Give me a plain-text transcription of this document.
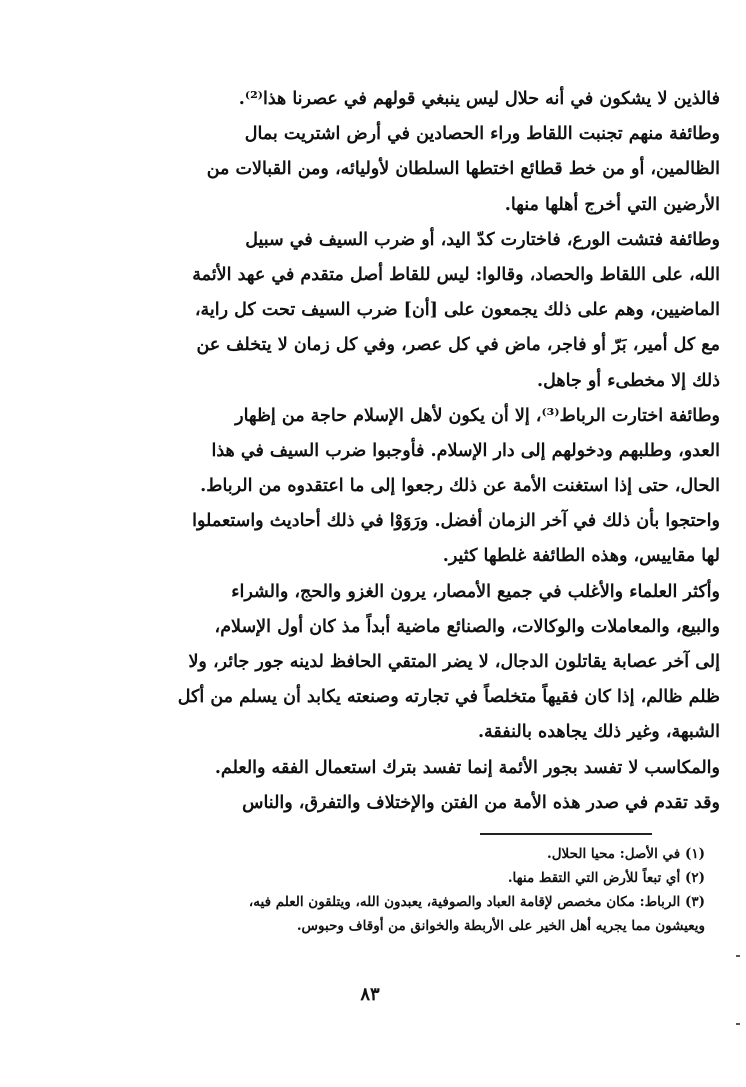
فالذين لا يشكون في أنه حلال ليس ينبغي قولهم في عصرنا هذا⁽²⁾.
وطائفة منهم تجنبت اللقاط وراء الحصادين في أرض اشتريت بمال
الظالمين، أو من خط قطائع اختطها السلطان لأوليائه، ومن القبالات من
الأرضين التي أخرج أهلها منها.
وطائفة فتشت الورع، فاختارت كدّ اليد، أو ضرب السيف في سبيل
الله، على اللقاط والحصاد، وقالوا: ليس للقاط أصل متقدم في عهد الأئمة
الماضيين، وهم على ذلك يجمعون على [أن] ضرب السيف تحت كل راية،
مع كل أمير، بَرّ أو فاجر، ماض في كل عصر، وفي كل زمان لا يتخلف عن
ذلك إلا مخطىء أو جاهل.
وطائفة اختارت الرباط⁽³⁾، إلا أن يكون لأهل الإسلام حاجة من إظهار
العدو، وطلبهم ودخولهم إلى دار الإسلام. فأوجبوا ضرب السيف في هذا
الحال، حتى إذا استغنت الأمة عن ذلك رجعوا إلى ما اعتقدوه من الرباط.
واحتجوا بأن ذلك في آخر الزمان أفضل. ورَوَوْا في ذلك أحاديث واستعملوا
لها مقاييس، وهذه الطائفة غلطها كثير.
وأكثر العلماء والأغلب في جميع الأمصار، يرون الغزو والحج، والشراء
والبيع، والمعاملات والوكالات، والصنائع ماضية أبداً مذ كان أول الإسلام،
إلى آخر عصابة يقاتلون الدجال، لا يضر المتقي الحافظ لدينه جور جائر، ولا
ظلم ظالم، إذا كان فقيهاً متخلصاً في تجارته وصنعته يكابد أن يسلم من أكل
الشبهة، وغير ذلك يجاهده بالنفقة.
والمكاسب لا تفسد بجور الأئمة إنما تفسد بترك استعمال الفقه والعلم.
وقد تقدم في صدر هذه الأمة من الفتن والإختلاف والتفرق، والناس
(١) في الأصل: محيا الحلال.
(٢) أي تبعاً للأرض التي التقط منها.
(٣) الرباط: مكان مخصص لإقامة العباد والصوفية، يعبدون الله، ويتلقون العلم فيه،
ويعيشون مما يجريه أهل الخير على الأربطة والخوانق من أوقاف وحبوس.
٨٣
